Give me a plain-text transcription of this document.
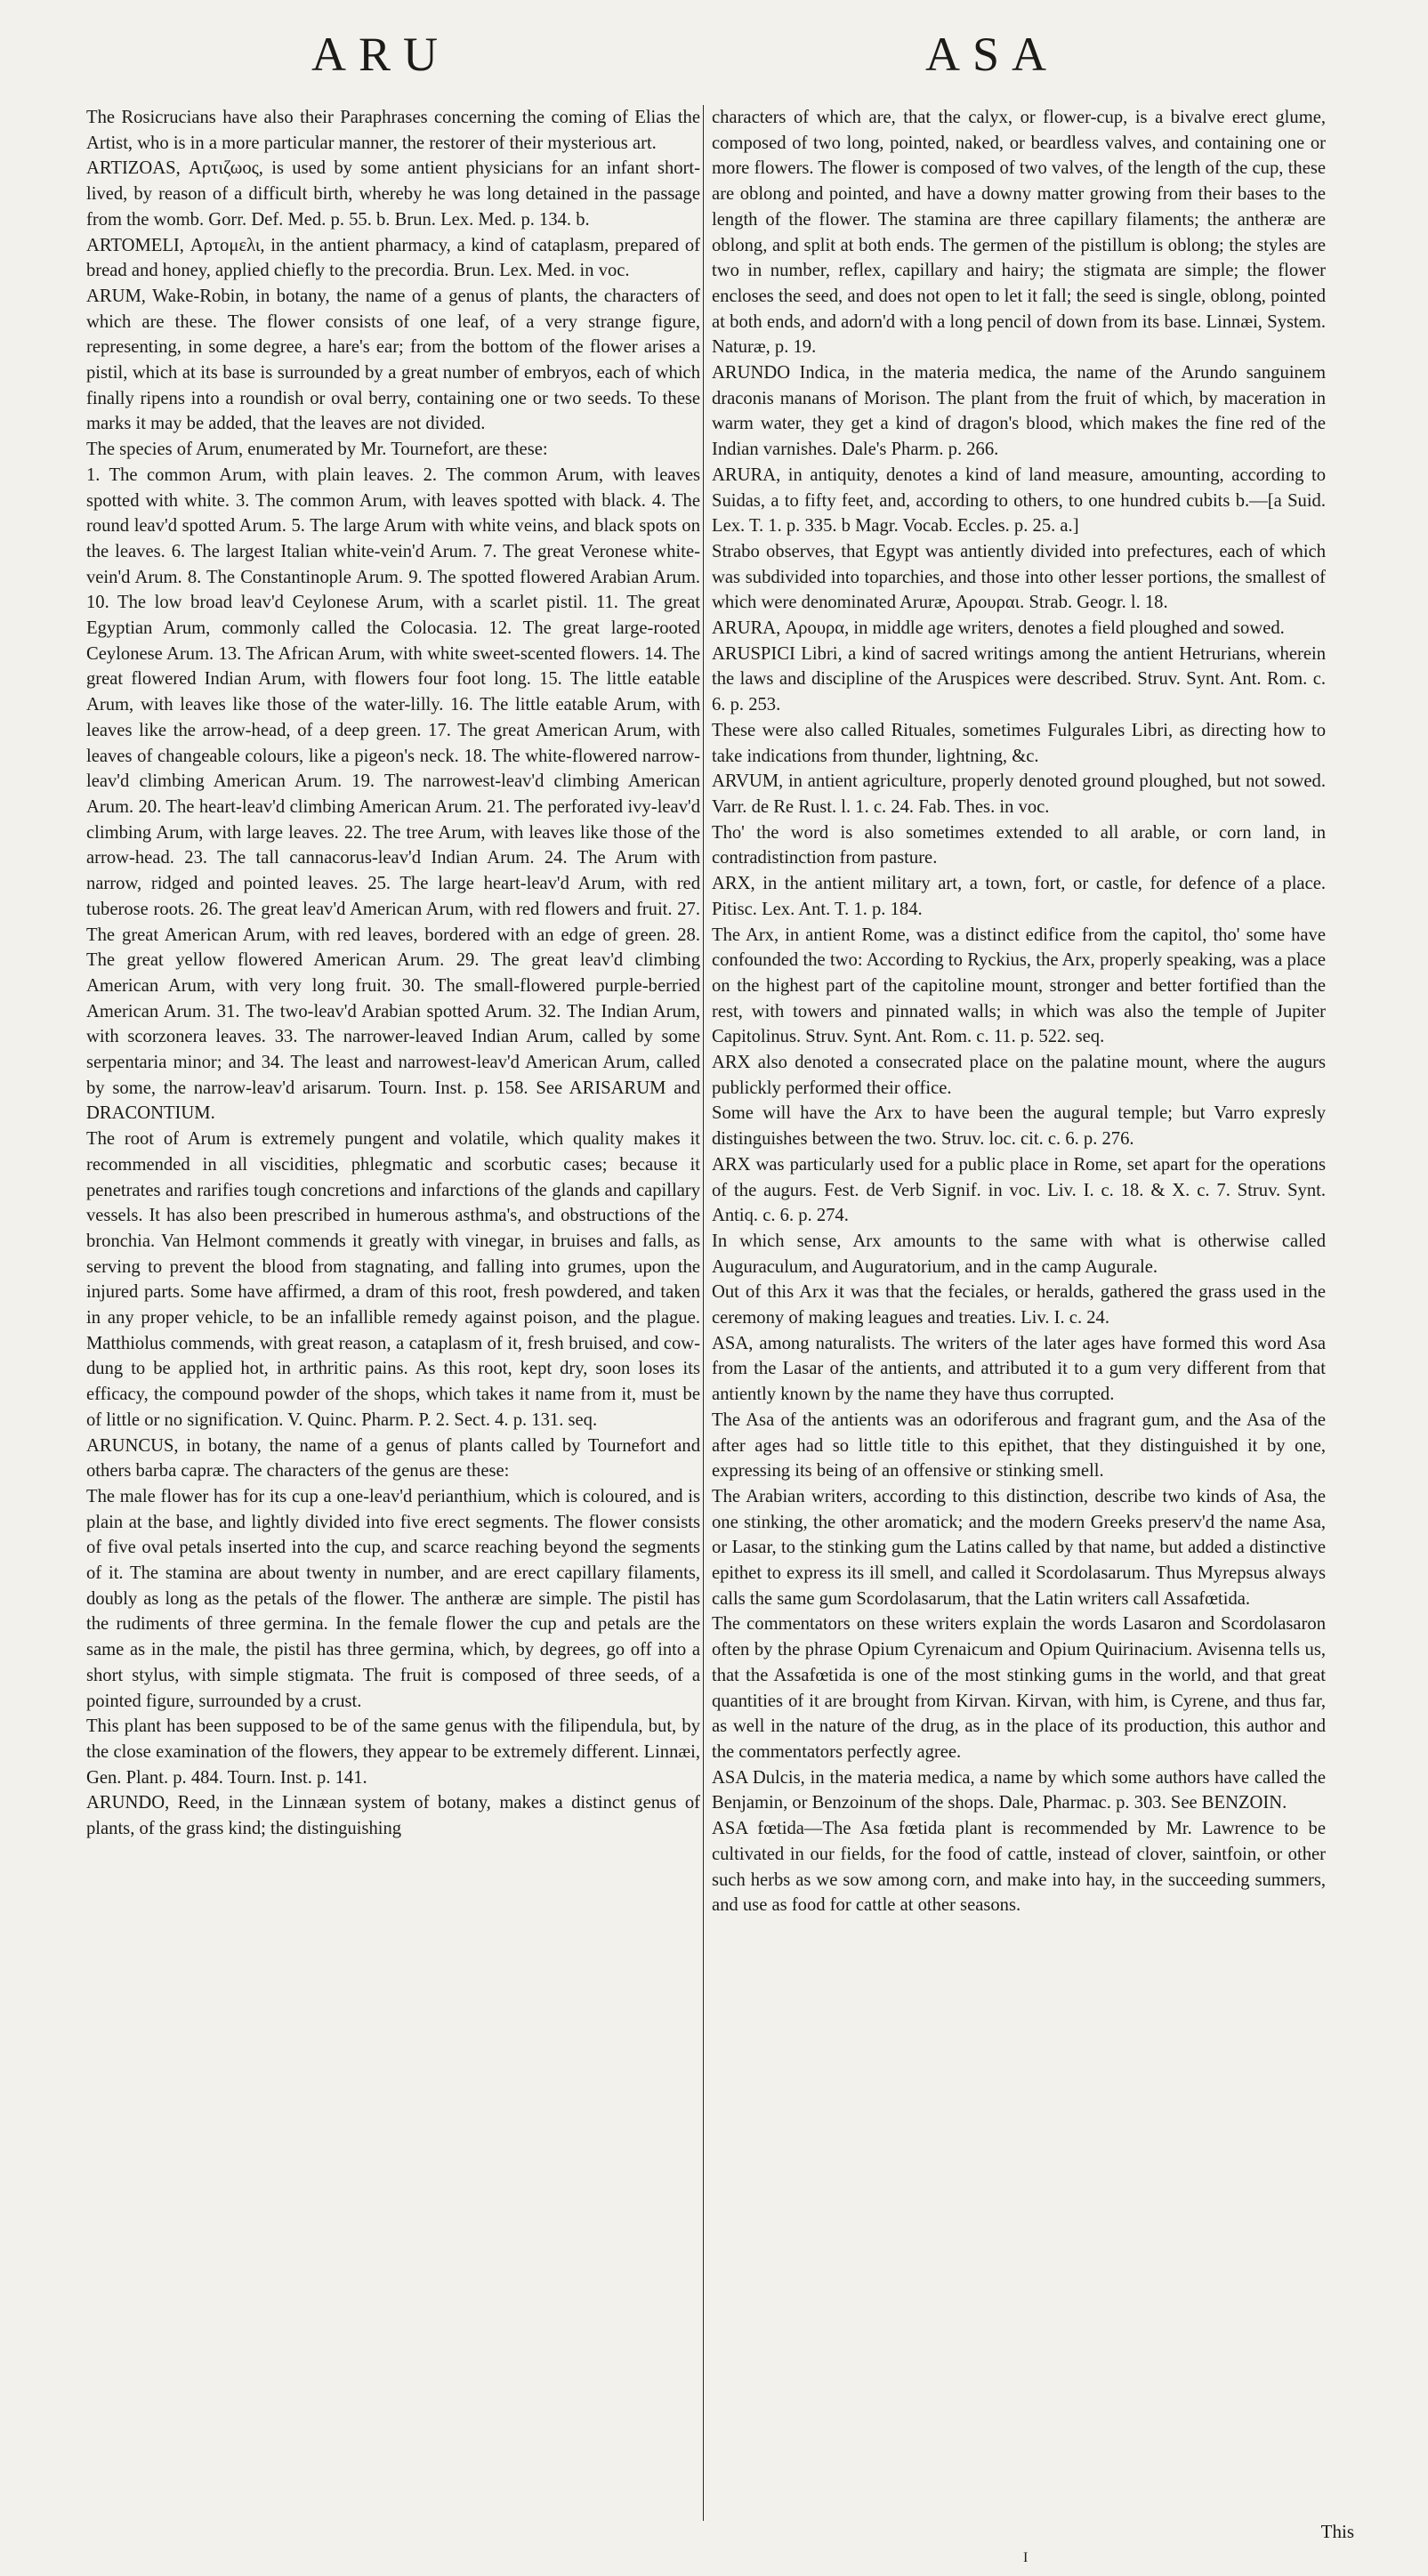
ARU	ASA

The Rosicrucians have also their Paraphrases concerning the coming of Elias the Artist, who is in a more particular manner, the restorer of their mysterious art.

ARTIZOAS, Αρτιζωος, is used by some antient physicians for an infant short-lived, by reason of a difficult birth, whereby he was long detained in the passage from the womb. Gorr. Def. Med. p. 55. b. Brun. Lex. Med. p. 134. b.

ARTOMELI, Αρτομελι, in the antient pharmacy, a kind of cataplasm, prepared of bread and honey, applied chiefly to the precordia. Brun. Lex. Med. in voc.

ARUM, Wake-Robin, in botany, the name of a genus of plants, the characters of which are these. The flower consists of one leaf, of a very strange figure, representing, in some degree, a hare's ear; from the bottom of the flower arises a pistil, which at its base is surrounded by a great number of embryos, each of which finally ripens into a roundish or oval berry, containing one or two seeds. To these marks it may be added, that the leaves are not divided.

The species of Arum, enumerated by Mr. Tournefort, are these:

1. The common Arum, with plain leaves. 2. The common Arum, with leaves spotted with white. 3. The common Arum, with leaves spotted with black. 4. The round leav'd spotted Arum. 5. The large Arum with white veins, and black spots on the leaves. 6. The largest Italian white-vein'd Arum. 7. The great Veronese white-vein'd Arum. 8. The Constantinople Arum. 9. The spotted flowered Arabian Arum. 10. The low broad leav'd Ceylonese Arum, with a scarlet pistil. 11. The great Egyptian Arum, commonly called the Colocasia. 12. The great large-rooted Ceylonese Arum. 13. The African Arum, with white sweet-scented flowers. 14. The great flowered Indian Arum, with flowers four foot long. 15. The little eatable Arum, with leaves like those of the water-lilly. 16. The little eatable Arum, with leaves like the arrow-head, of a deep green. 17. The great American Arum, with leaves of changeable colours, like a pigeon's neck. 18. The white-flowered narrow-leav'd climbing American Arum. 19. The narrowest-leav'd climbing American Arum. 20. The heart-leav'd climbing American Arum. 21. The perforated ivy-leav'd climbing Arum, with large leaves. 22. The tree Arum, with leaves like those of the arrow-head. 23. The tall cannacorus-leav'd Indian Arum. 24. The Arum with narrow, ridged and pointed leaves. 25. The large heart-leav'd Arum, with red tuberose roots. 26. The great leav'd American Arum, with red flowers and fruit. 27. The great American Arum, with red leaves, bordered with an edge of green. 28. The great yellow flowered American Arum. 29. The great leav'd climbing American Arum, with very long fruit. 30. The small-flowered purple-berried American Arum. 31. The two-leav'd Arabian spotted Arum. 32. The Indian Arum, with scorzonera leaves. 33. The narrower-leaved Indian Arum, called by some serpentaria minor; and 34. The least and narrowest-leav'd American Arum, called by some, the narrow-leav'd arisarum. Tourn. Inst. p. 158. See ARISARUM and DRACONTIUM.

The root of Arum is extremely pungent and volatile, which quality makes it recommended in all viscidities, phlegmatic and scorbutic cases; because it penetrates and rarifies tough concretions and infarctions of the glands and capillary vessels. It has also been prescribed in humerous asthma's, and obstructions of the bronchia. Van Helmont commends it greatly with vinegar, in bruises and falls, as serving to prevent the blood from stagnating, and falling into grumes, upon the injured parts. Some have affirmed, a dram of this root, fresh powdered, and taken in any proper vehicle, to be an infallible remedy against poison, and the plague. Matthiolus commends, with great reason, a cataplasm of it, fresh bruised, and cow-dung to be applied hot, in arthritic pains. As this root, kept dry, soon loses its efficacy, the compound powder of the shops, which takes it name from it, must be of little or no signification. V. Quinc. Pharm. P. 2. Sect. 4. p. 131. seq.

ARUNCUS, in botany, the name of a genus of plants called by Tournefort and others barba capræ. The characters of the genus are these:

The male flower has for its cup a one-leav'd perianthium, which is coloured, and is plain at the base, and lightly divided into five erect segments. The flower consists of five oval petals inserted into the cup, and scarce reaching beyond the segments of it. The stamina are about twenty in number, and are erect capillary filaments, doubly as long as the petals of the flower. The antheræ are simple. The pistil has the rudiments of three germina. In the female flower the cup and petals are the same as in the male, the pistil has three germina, which, by degrees, go off into a short stylus, with simple stigmata. The fruit is composed of three seeds, of a pointed figure, surrounded by a crust.

This plant has been supposed to be of the same genus with the filipendula, but, by the close examination of the flowers, they appear to be extremely different. Linnæi, Gen. Plant. p. 484. Tourn. Inst. p. 141.

ARUNDO, Reed, in the Linnæan system of botany, makes a distinct genus of plants, of the grass kind; the distinguishing

characters of which are, that the calyx, or flower-cup, is a bivalve erect glume, composed of two long, pointed, naked, or beardless valves, and containing one or more flowers. The flower is composed of two valves, of the length of the cup, these are oblong and pointed, and have a downy matter growing from their bases to the length of the flower. The stamina are three capillary filaments; the antheræ are oblong, and split at both ends. The germen of the pistillum is oblong; the styles are two in number, reflex, capillary and hairy; the stigmata are simple; the flower encloses the seed, and does not open to let it fall; the seed is single, oblong, pointed at both ends, and adorn'd with a long pencil of down from its base. Linnæi, System. Naturæ, p. 19.

ARUNDO Indica, in the materia medica, the name of the Arundo sanguinem draconis manans of Morison. The plant from the fruit of which, by maceration in warm water, they get a kind of dragon's blood, which makes the fine red of the Indian varnishes. Dale's Pharm. p. 266.

ARURA, in antiquity, denotes a kind of land measure, amounting, according to Suidas, a to fifty feet, and, according to others, to one hundred cubits b.—[a Suid. Lex. T. 1. p. 335. b Magr. Vocab. Eccles. p. 25. a.]

Strabo observes, that Egypt was antiently divided into prefectures, each of which was subdivided into toparchies, and those into other lesser portions, the smallest of which were denominated Aruræ, Αρουραι. Strab. Geogr. l. 18.

ARURA, Αρουρα, in middle age writers, denotes a field ploughed and sowed.

ARUSPICI Libri, a kind of sacred writings among the antient Hetrurians, wherein the laws and discipline of the Aruspices were described. Struv. Synt. Ant. Rom. c. 6. p. 253.

These were also called Rituales, sometimes Fulgurales Libri, as directing how to take indications from thunder, lightning, &c.

ARVUM, in antient agriculture, properly denoted ground ploughed, but not sowed. Varr. de Re Rust. l. 1. c. 24. Fab. Thes. in voc.

Tho' the word is also sometimes extended to all arable, or corn land, in contradistinction from pasture.

ARX, in the antient military art, a town, fort, or castle, for defence of a place. Pitisc. Lex. Ant. T. 1. p. 184.

The Arx, in antient Rome, was a distinct edifice from the capitol, tho' some have confounded the two: According to Ryckius, the Arx, properly speaking, was a place on the highest part of the capitoline mount, stronger and better fortified than the rest, with towers and pinnated walls; in which was also the temple of Jupiter Capitolinus. Struv. Synt. Ant. Rom. c. 11. p. 522. seq.

ARX also denoted a consecrated place on the palatine mount, where the augurs publickly performed their office.

Some will have the Arx to have been the augural temple; but Varro expresly distinguishes between the two. Struv. loc. cit. c. 6. p. 276.

ARX was particularly used for a public place in Rome, set apart for the operations of the augurs. Fest. de Verb Signif. in voc. Liv. I. c. 18. & X. c. 7. Struv. Synt. Antiq. c. 6. p. 274.

In which sense, Arx amounts to the same with what is otherwise called Auguraculum, and Auguratorium, and in the camp Augurale.

Out of this Arx it was that the feciales, or heralds, gathered the grass used in the ceremony of making leagues and treaties. Liv. I. c. 24.

ASA, among naturalists. The writers of the later ages have formed this word Asa from the Lasar of the antients, and attributed it to a gum very different from that antiently known by the name they have thus corrupted.

The Asa of the antients was an odoriferous and fragrant gum, and the Asa of the after ages had so little title to this epithet, that they distinguished it by one, expressing its being of an offensive or stinking smell.

The Arabian writers, according to this distinction, describe two kinds of Asa, the one stinking, the other aromatick; and the modern Greeks preserv'd the name Asa, or Lasar, to the stinking gum the Latins called by that name, but added a distinctive epithet to express its ill smell, and called it Scordolasarum. Thus Myrepsus always calls the same gum Scordolasarum, that the Latin writers call Assafœtida.

The commentators on these writers explain the words Lasaron and Scordolasaron often by the phrase Opium Cyrenaicum and Opium Quirinacium. Avisenna tells us, that the Assafœtida is one of the most stinking gums in the world, and that great quantities of it are brought from Kirvan. Kirvan, with him, is Cyrene, and thus far, as well in the nature of the drug, as in the place of its production, this author and the commentators perfectly agree.

ASA Dulcis, in the materia medica, a name by which some authors have called the Benjamin, or Benzoinum of the shops. Dale, Pharmac. p. 303. See BENZOIN.

ASA fœtida—The Asa fœtida plant is recommended by Mr. Lawrence to be cultivated in our fields, for the food of cattle, instead of clover, saintfoin, or other such herbs as we sow among corn, and make into hay, in the succeeding summers, and use as food for cattle at other seasons.

This
I
